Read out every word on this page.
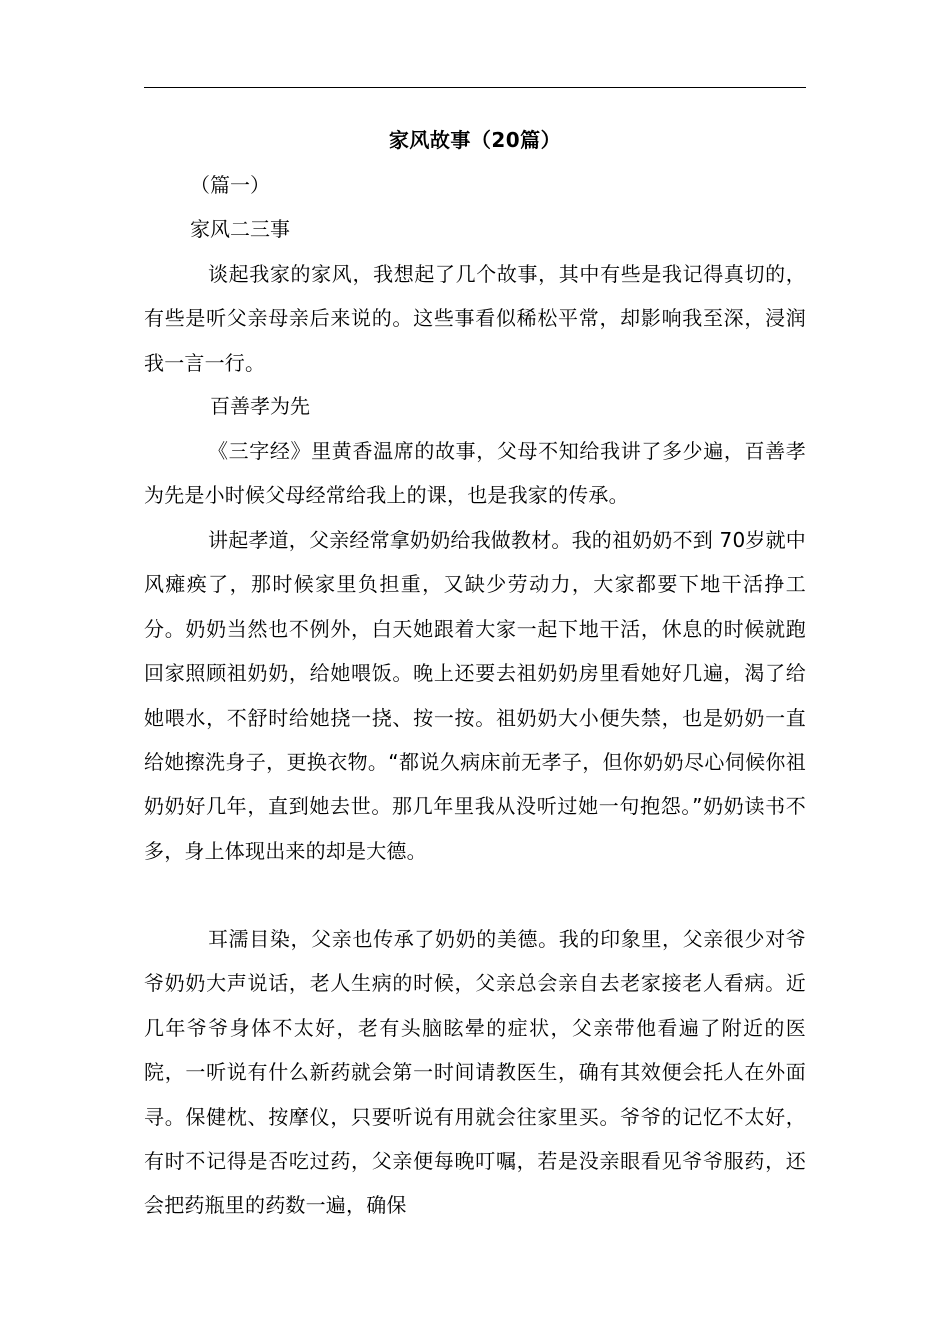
家风故事（20篇）
（篇一）
家风二三事

谈起我家的家风，我想起了几个故事，其中有些是我记得真切的，有些是听父亲母亲后来说的。这些事看似稀松平常，却影响我至深，浸润我一言一行。

百善孝为先

《三字经》里黄香温席的故事，父母不知给我讲了多少遍，百善孝为先是小时候父母经常给我上的课，也是我家的传承。

讲起孝道，父亲经常拿奶奶给我做教材。我的祖奶奶不到 70岁就中风瘫痪了，那时候家里负担重，又缺少劳动力，大家都要下地干活挣工分。奶奶当然也不例外，白天她跟着大家一起下地干活，休息的时候就跑回家照顾祖奶奶，给她喂饭。晚上还要去祖奶奶房里看她好几遍，渴了给她喂水，不舒时给她挠一挠、按一按。祖奶奶大小便失禁，也是奶奶一直给她擦洗身子，更换衣物。“都说久病床前无孝子，但你奶奶尽心伺候你祖奶奶好几年，直到她去世。那几年里我从没听过她一句抱怨。”奶奶读书不多，身上体现出来的却是大德。

耳濡目染，父亲也传承了奶奶的美德。我的印象里，父亲很少对爷爷奶奶大声说话，老人生病的时候，父亲总会亲自去老家接老人看病。近几年爷爷身体不太好，老有头脑眩晕的症状，父亲带他看遍了附近的医院，一听说有什么新药就会第一时间请教医生，确有其效便会托人在外面寻。保健枕、按摩仪，只要听说有用就会往家里买。爷爷的记忆不太好，有时不记得是否吃过药，父亲便每晚叮嘱，若是没亲眼看见爷爷服药，还会把药瓶里的药数一遍，确保
